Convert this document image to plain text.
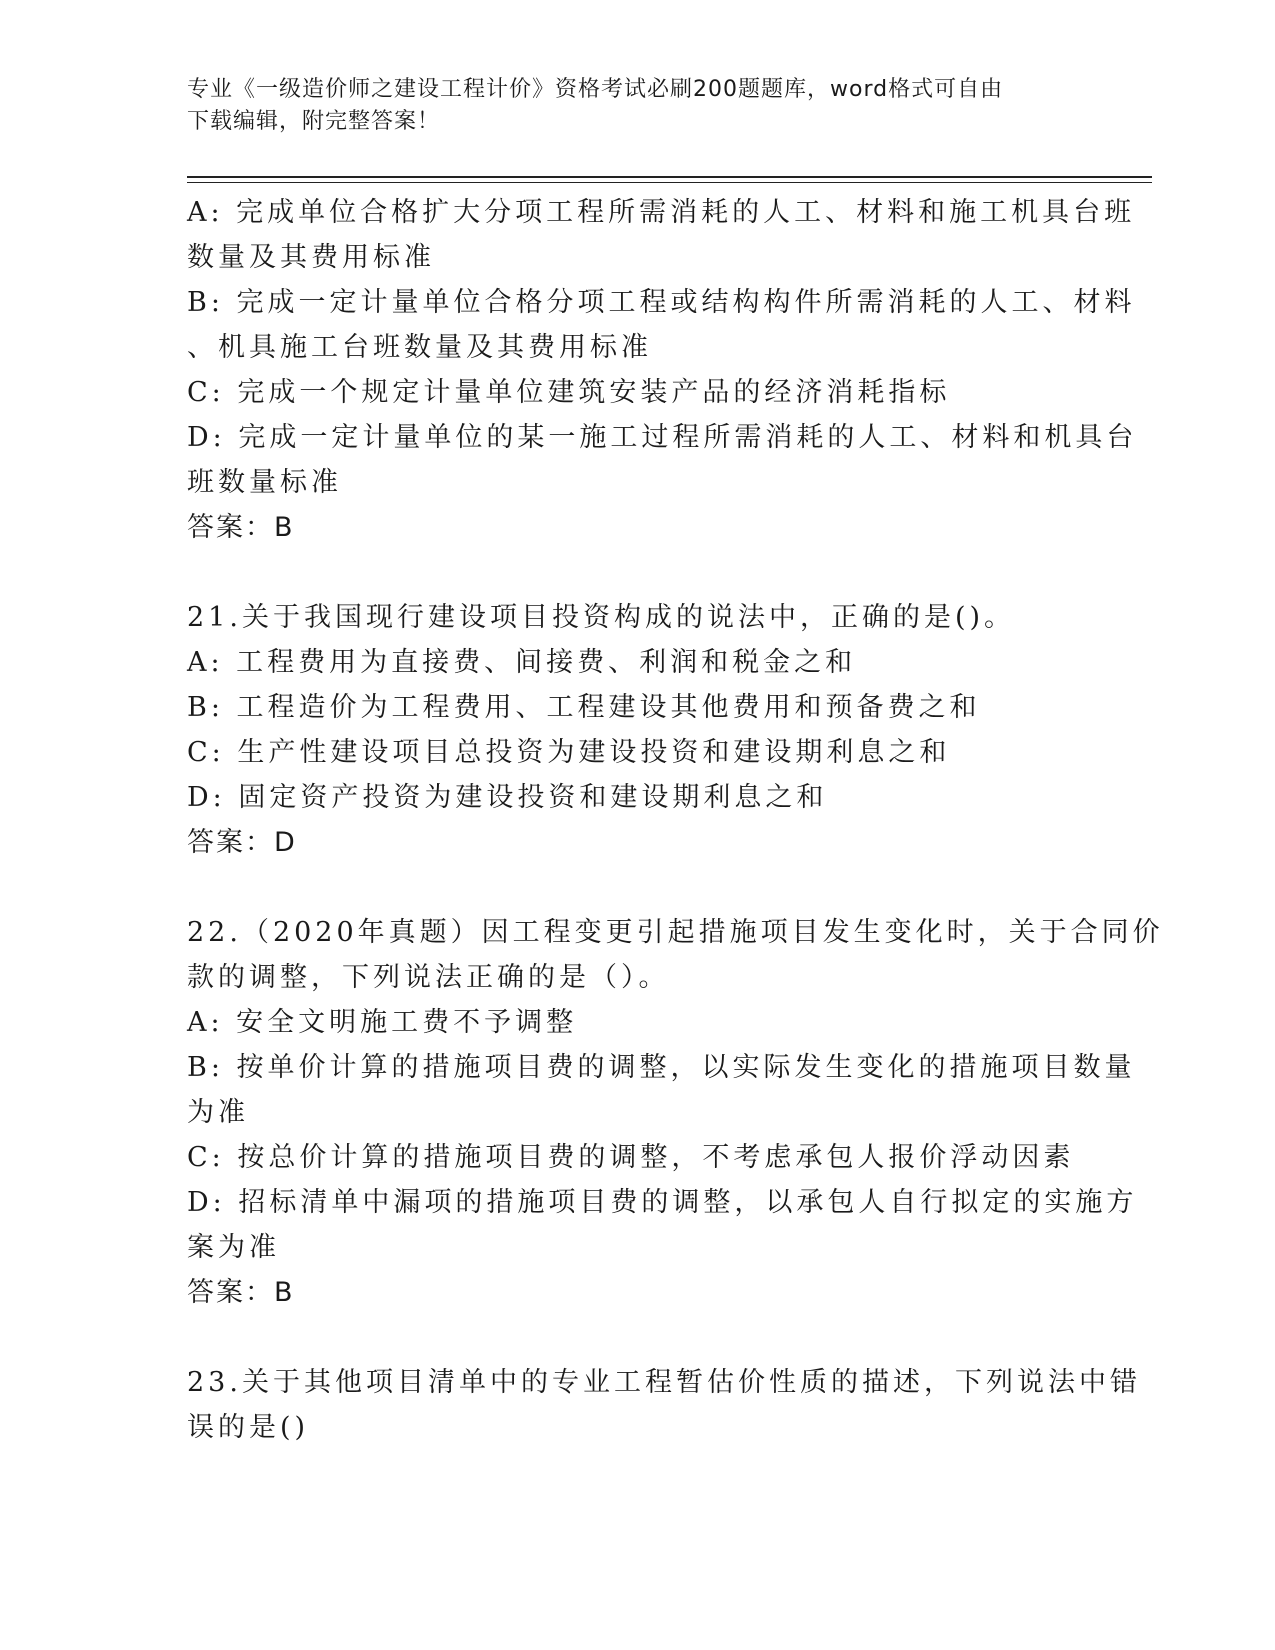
专业《一级造价师之建设工程计价》资格考试必刷200题题库，word格式可自由
下载编辑，附完整答案！
A: 完成单位合格扩大分项工程所需消耗的人工、材料和施工机具台班
数量及其费用标准
B: 完成一定计量单位合格分项工程或结构构件所需消耗的人工、材料
、机具施工台班数量及其费用标准
C: 完成一个规定计量单位建筑安装产品的经济消耗指标
D: 完成一定计量单位的某一施工过程所需消耗的人工、材料和机具台
班数量标准
答案：B
21.关于我国现行建设项目投资构成的说法中，正确的是()。
A: 工程费用为直接费、间接费、利润和税金之和
B: 工程造价为工程费用、工程建设其他费用和预备费之和
C: 生产性建设项目总投资为建设投资和建设期利息之和
D: 固定资产投资为建设投资和建设期利息之和
答案：D
22.（2020年真题）因工程变更引起措施项目发生变化时，关于合同价
款的调整，下列说法正确的是（）。
A: 安全文明施工费不予调整
B: 按单价计算的措施项目费的调整，以实际发生变化的措施项目数量
为准
C: 按总价计算的措施项目费的调整，不考虑承包人报价浮动因素
D: 招标清单中漏项的措施项目费的调整，以承包人自行拟定的实施方
案为准
答案：B
23.关于其他项目清单中的专业工程暂估价性质的描述，下列说法中错
误的是()
